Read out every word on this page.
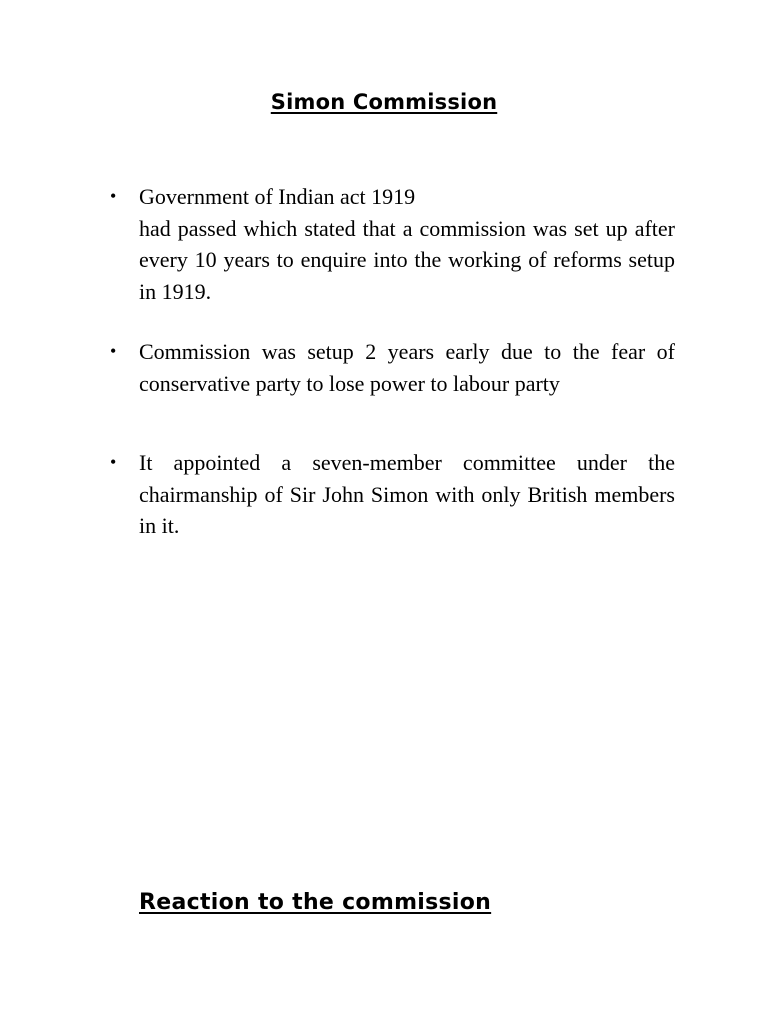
Simon Commission
•	Government of Indian act 1919
had passed which stated that a commission was set up after every 10 years to enquire into the working of reforms setup in 1919.
•	Commission was setup 2 years early due to the fear of conservative party to lose power to labour party
•	It appointed a seven-member committee under the chairmanship of Sir John Simon with only British members in it.
Reaction to the commission
